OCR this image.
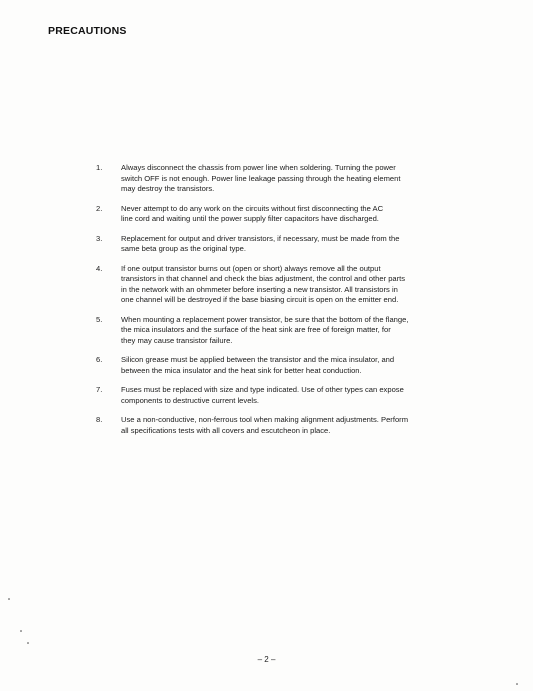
PRECAUTIONS
1.	Always disconnect the chassis from power line when soldering. Turning the power
switch OFF is not enough. Power line leakage passing through the heating element
may destroy the transistors.
2.	Never attempt to do any work on the circuits without first disconnecting the AC
line cord and waiting until the power supply filter capacitors have discharged.
3.	Replacement for output and driver transistors, if necessary, must be made from the
same beta group as the original type.
4.	If one output transistor burns out (open or short) always remove all the output
transistors in that channel and check the bias adjustment, the control and other parts
in the network with an ohmmeter before inserting a new transistor. All transistors in
one channel will be destroyed if the base biasing circuit is open on the emitter end.
5.	When mounting a replacement power transistor, be sure that the bottom of the flange,
the mica insulators and the surface of the heat sink are free of foreign matter, for
they may cause transistor failure.
6.	Silicon grease must be applied between the transistor and the mica insulator, and
between the mica insulator and the heat sink for better heat conduction.
7.	Fuses must be replaced with size and type indicated. Use of other types can expose
components to destructive current levels.
8.	Use a non-conductive, non-ferrous tool when making alignment adjustments. Perform
all specifications tests with all covers and escutcheon in place.
– 2 –
